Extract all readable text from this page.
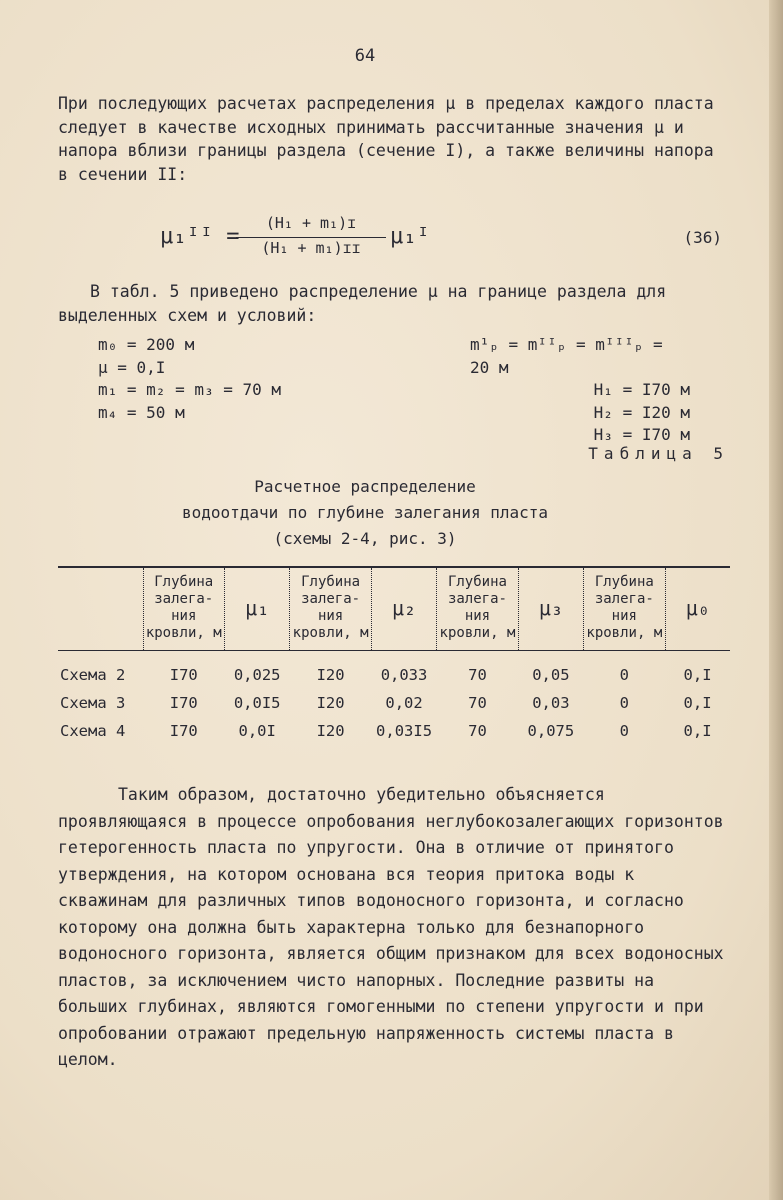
64

При последующих расчетах распределения μ в пределах каждого пласта следует в качестве исходных принимать рассчитанные значения μ и напора вблизи границы раздела (сечение I), а также величины напора в сечении II:

μ₁ᴵᴵ =
(H₁ + m₁)ɪ
(H₁ + m₁)ɪɪ	μ₁ᴵ	(36)

В табл. 5 приведено распределение μ на границе раздела для выделенных схем и условий:

m₀ = 200 м
μ = 0,I
m₁ = m₂ = m₃ = 70 м
m₄ = 50 м
m¹ₚ = mᴵᴵₚ = mᴵᴵᴵₚ = 20 м
H₁ = I70 м
H₂ = I20 м
H₃ = I70 м
Таблица 5
Расчетное распределение
водоотдачи по глубине залегания пласта
(схемы 2-4, рис. 3)
	Глубина залега- ния кровли, м	μ₁	Глубина залега- ния кровли, м	μ₂	Глубина залега- ния кровли, м	μ₃	Глубина залега- ния кровли, м	μ₀
Схема 2	I70	0,025	I20	0,033	70	0,05	0	0,I
Схема 3	I70	0,0I5	I20	0,02	70	0,03	0	0,I
Схема 4	I70	0,0I	I20	0,03I5	70	0,075	0	0,I

Таким образом, достаточно убедительно объясняется проявляющаяся в процессе опробования неглубокозалегающих горизонтов гетерогенность пласта по упругости. Она в отличие от принятого утверждения, на котором основана вся теория притока воды к скважинам для различных типов водоносного горизонта, и согласно которому она должна быть характерна только для безнапорного водоносного горизонта, является общим признаком для всех водоносных пластов, за исключением чисто напорных. Последние развиты на больших глубинах, являются гомогенными по степени упругости и при опробовании отражают предельную напряженность системы пласта в целом.
